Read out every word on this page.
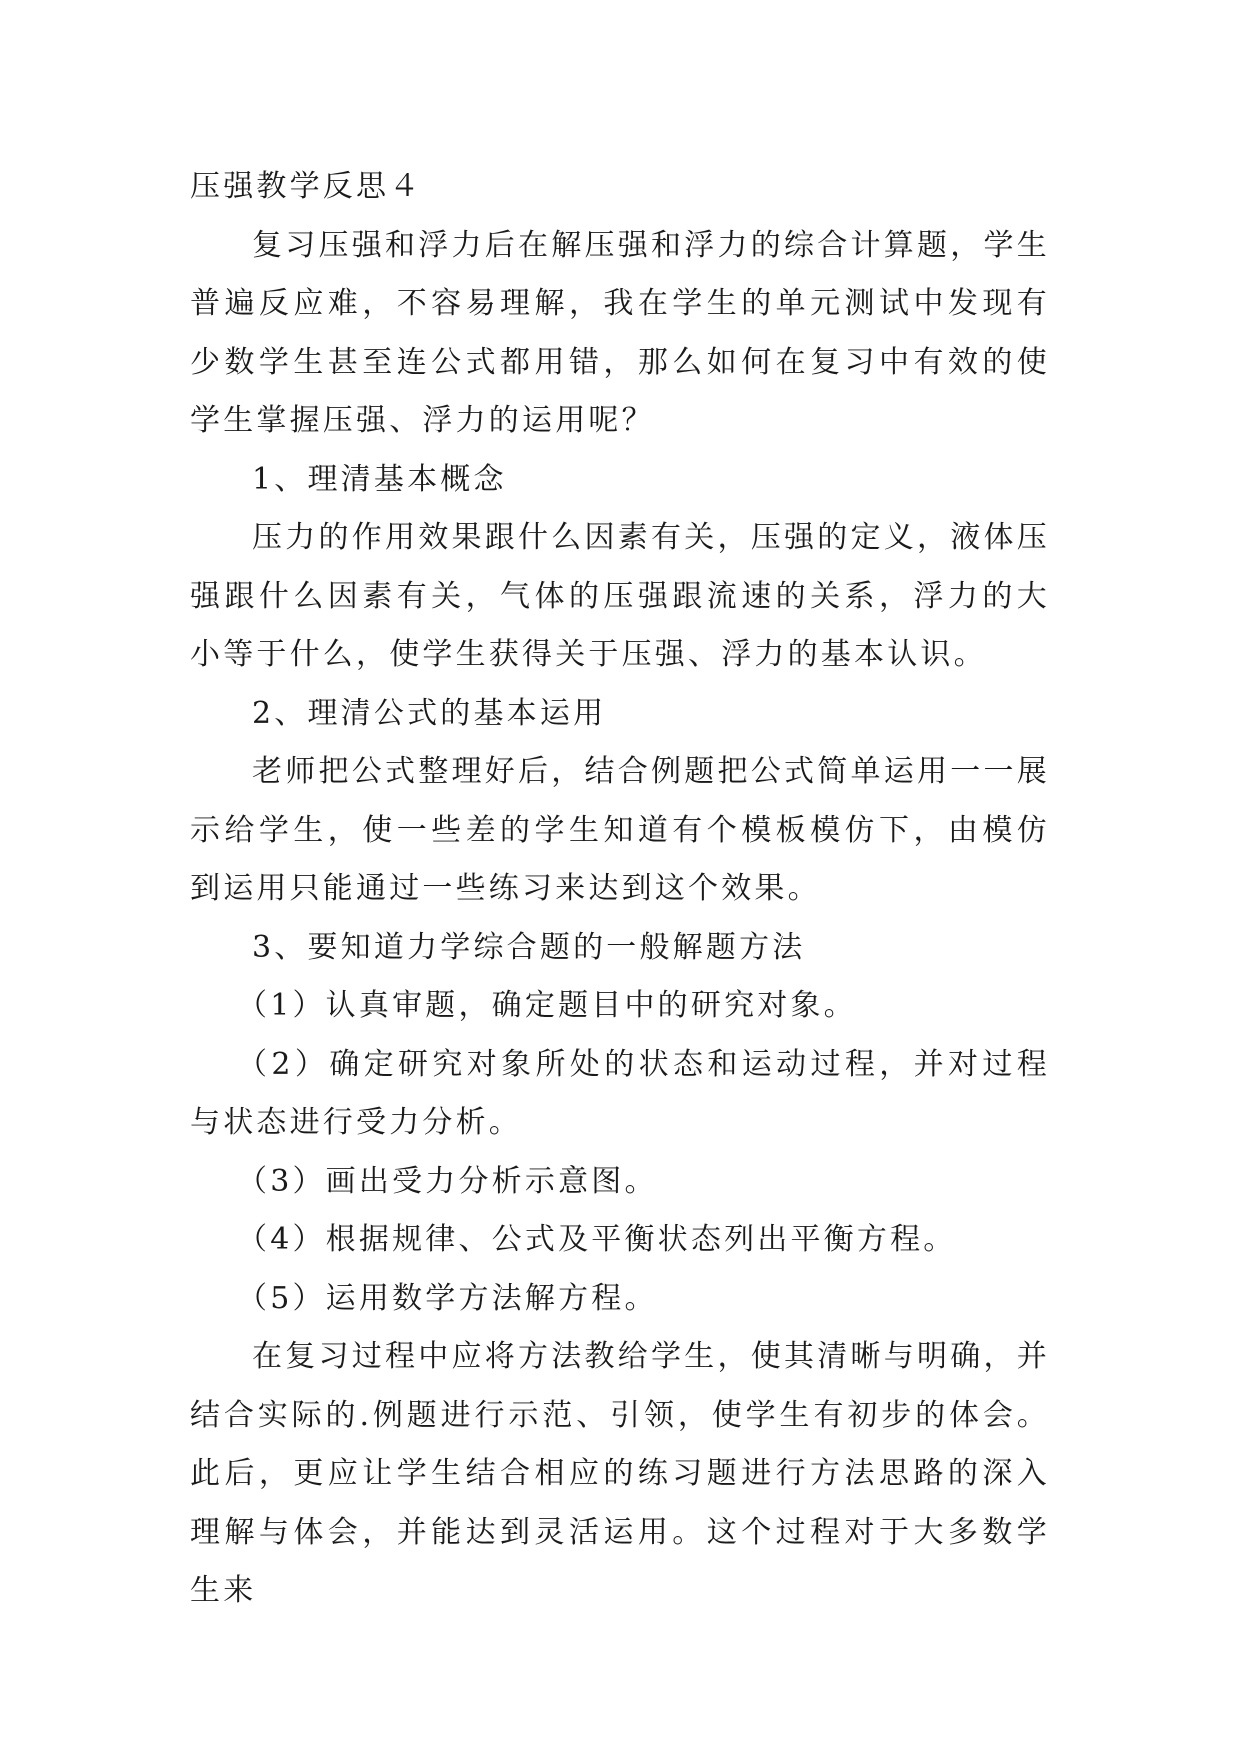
压强教学反思４

复习压强和浮力后在解压强和浮力的综合计算题，学生普遍反应难，不容易理解，我在学生的单元测试中发现有少数学生甚至连公式都用错，那么如何在复习中有效的使学生掌握压强、浮力的运用呢？

1、理清基本概念

压力的作用效果跟什么因素有关，压强的定义，液体压强跟什么因素有关，气体的压强跟流速的关系，浮力的大小等于什么，使学生获得关于压强、浮力的基本认识。

2、理清公式的基本运用

老师把公式整理好后，结合例题把公式简单运用一一展示给学生，使一些差的学生知道有个模板模仿下，由模仿到运用只能通过一些练习来达到这个效果。

3、要知道力学综合题的一般解题方法

（1）认真审题，确定题目中的研究对象。

（2）确定研究对象所处的状态和运动过程，并对过程与状态进行受力分析。

（3）画出受力分析示意图。

（4）根据规律、公式及平衡状态列出平衡方程。

（5）运用数学方法解方程。

在复习过程中应将方法教给学生，使其清晰与明确，并结合实际的.例题进行示范、引领，使学生有初步的体会。此后，更应让学生结合相应的练习题进行方法思路的深入理解与体会，并能达到灵活运用。这个过程对于大多数学生来
